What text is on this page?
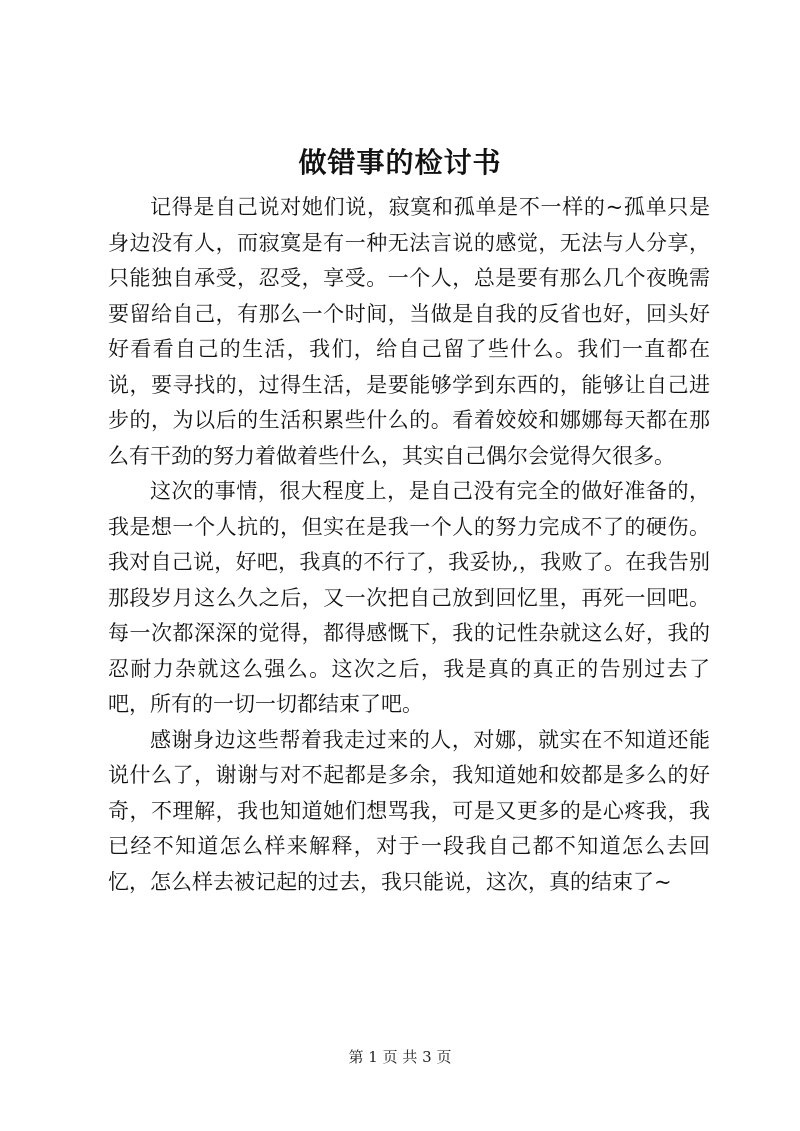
做错事的检讨书

记得是自己说对她们说，寂寞和孤单是不一样的~孤单只是身边没有人，而寂寞是有一种无法言说的感觉，无法与人分享，只能独自承受，忍受，享受。一个人，总是要有那么几个夜晚需要留给自己，有那么一个时间，当做是自我的反省也好，回头好好看看自己的生活，我们，给自己留了些什么。我们一直都在说，要寻找的，过得生活，是要能够学到东西的，能够让自己进步的，为以后的生活积累些什么的。看着姣姣和娜娜每天都在那么有干劲的努力着做着些什么，其实自己偶尔会觉得欠很多。

这次的事情，很大程度上，是自己没有完全的做好准备的，我是想一个人抗的，但实在是我一个人的努力完成不了的硬伤。我对自己说，好吧，我真的不行了，我妥协,，我败了。在我告别那段岁月这么久之后，又一次把自己放到回忆里，再死一回吧。每一次都深深的觉得，都得感慨下，我的记性杂就这么好，我的忍耐力杂就这么强么。这次之后，我是真的真正的告别过去了吧，所有的一切一切都结束了吧。

感谢身边这些帮着我走过来的人，对娜，就实在不知道还能说什么了，谢谢与对不起都是多余，我知道她和姣都是多么的好奇，不理解，我也知道她们想骂我，可是又更多的是心疼我，我已经不知道怎么样来解释，对于一段我自己都不知道怎么去回忆，怎么样去被记起的过去，我只能说，这次，真的结束了~

第 1 页 共 3 页
